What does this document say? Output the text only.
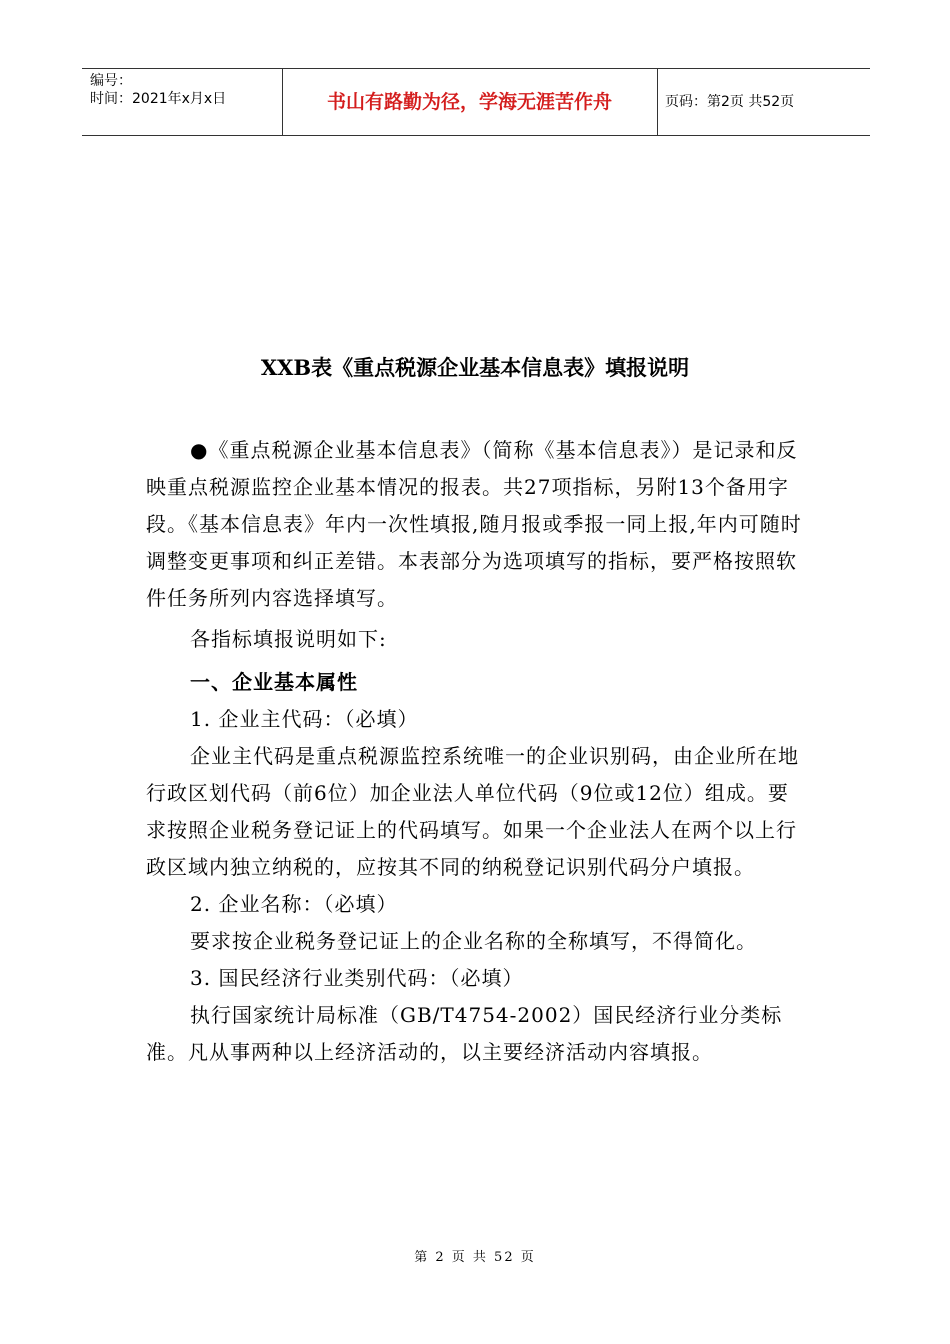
编号：
时间：2021年x月x日	书山有路勤为径，学海无涯苦作舟	页码：第2页 共52页
XXB表《重点税源企业基本信息表》填报说明

●《重点税源企业基本信息表》（简称《基本信息表》）是记录和反映重点税源监控企业基本情况的报表。共27项指标，另附13个备用字段。《基本信息表》年内一次性填报,随月报或季报一同上报,年内可随时调整变更事项和纠正差错。本表部分为选项填写的指标，要严格按照软件任务所列内容选择填写。

各指标填报说明如下:

一、企业基本属性

1. 企业主代码：（必填）

企业主代码是重点税源监控系统唯一的企业识别码，由企业所在地行政区划代码（前6位）加企业法人单位代码（9位或12位）组成。要求按照企业税务登记证上的代码填写。如果一个企业法人在两个以上行政区域内独立纳税的，应按其不同的纳税登记识别代码分户填报。

2. 企业名称：（必填）

要求按企业税务登记证上的企业名称的全称填写，不得简化。

3. 国民经济行业类别代码：（必填）

执行国家统计局标准（GB/T4754-2002）国民经济行业分类标准。凡从事两种以上经济活动的，以主要经济活动内容填报。

第 2 页 共 52 页
